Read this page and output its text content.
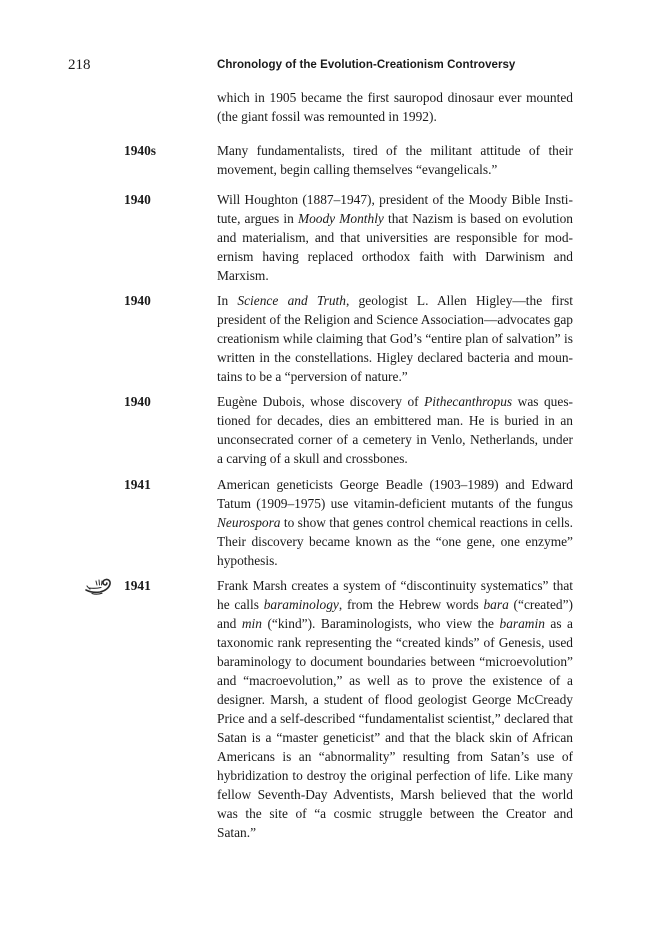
218	Chronology of the Evolution-Creationism Controversy
which in 1905 became the first sauropod dinosaur ever mounted (the giant fossil was remounted in 1992).
1940s	Many fundamentalists, tired of the militant attitude of their movement, begin calling themselves “evangelicals.”
1940	Will Houghton (1887–1947), president of the Moody Bible Institute, argues in Moody Monthly that Nazism is based on evolution and materialism, and that universities are responsible for modernism having replaced orthodox faith with Darwinism and Marxism.
1940	In Science and Truth, geologist L. Allen Higley—the first president of the Religion and Science Association—advocates gap creationism while claiming that God’s “entire plan of salvation” is written in the constellations. Higley declared bacteria and mountains to be a “perversion of nature.”
1940	Eugène Dubois, whose discovery of Pithecanthropus was questioned for decades, dies an embittered man. He is buried in an unconsecrated corner of a cemetery in Venlo, Netherlands, under a carving of a skull and crossbones.
1941	American geneticists George Beadle (1903–1989) and Edward Tatum (1909–1975) use vitamin-deficient mutants of the fungus Neurospora to show that genes control chemical reactions in cells. Their discovery became known as the “one gene, one enzyme” hypothesis.
1941	Frank Marsh creates a system of “discontinuity systematics” that he calls baraminology, from the Hebrew words bara (“created”) and min (“kind”). Baraminologists, who view the baramin as a taxonomic rank representing the “created kinds” of Genesis, used baraminology to document boundaries between “microevolution” and “macroevolution,” as well as to prove the existence of a designer. Marsh, a student of flood geologist George McCready Price and a self-described “fundamentalist scientist,” declared that Satan is a “master geneticist” and that the black skin of African Americans is an “abnormality” resulting from Satan’s use of hybridization to destroy the original perfection of life. Like many fellow Seventh-Day Adventists, Marsh believed that the world was the site of “a cosmic struggle between the Creator and Satan.”
